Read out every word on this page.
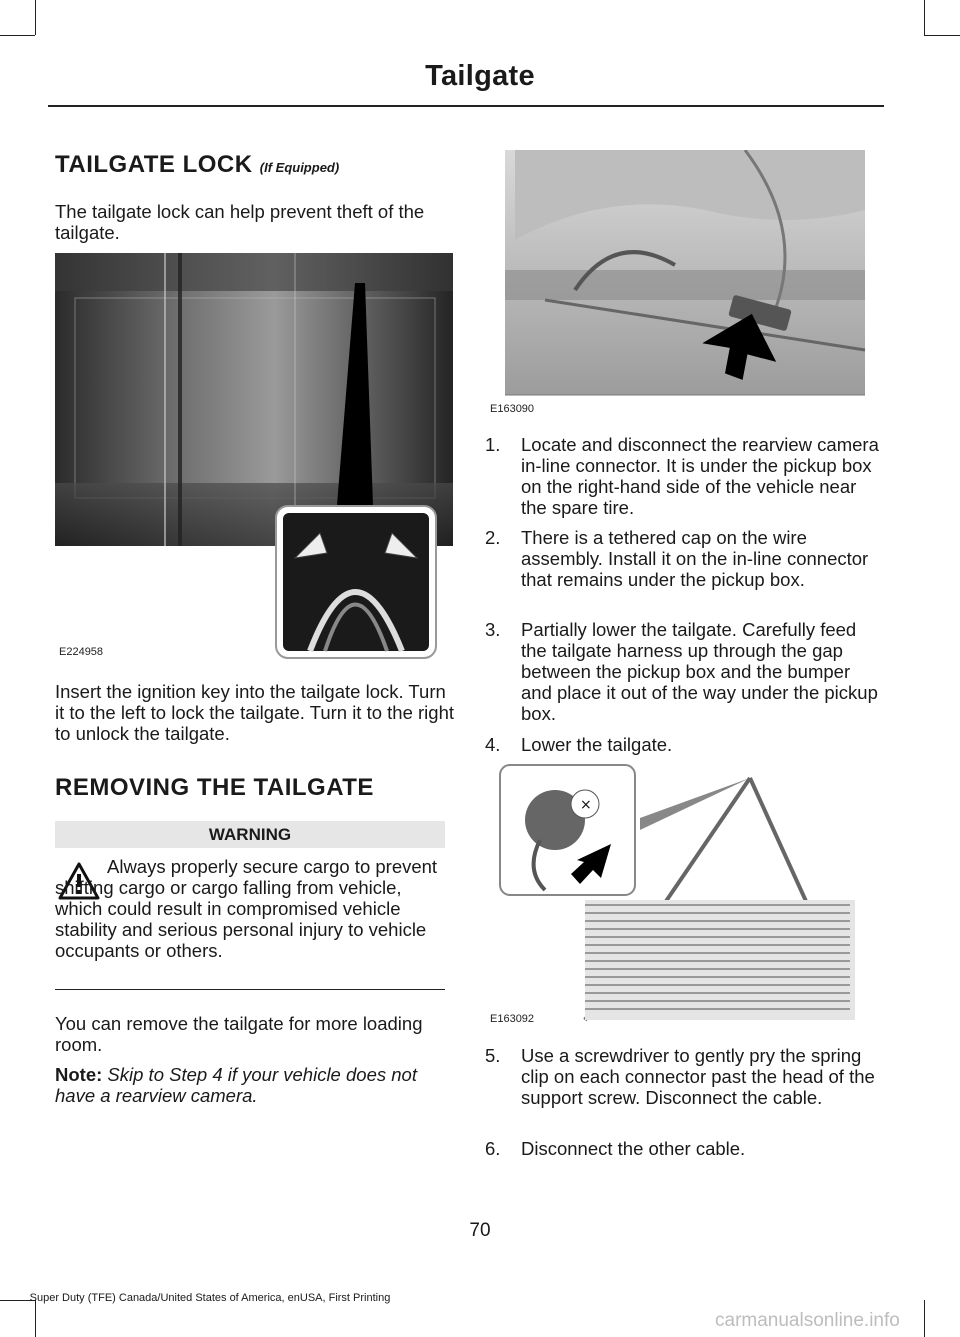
Tailgate
TAILGATE LOCK (If Equipped)

The tailgate lock can help prevent theft of the tailgate.

E224958

Insert the ignition key into the tailgate lock. Turn it to the left to lock the tailgate. Turn it to the right to unlock the tailgate.

REMOVING THE TAILGATE
WARNING

Always properly secure cargo to prevent shifting cargo or cargo falling from vehicle, which could result in compromised vehicle stability and serious personal injury to vehicle occupants or others.

You can remove the tailgate for more loading room.

Note: Skip to Step 4 if your vehicle does not have a rearview camera.

E163090
1.	Locate and disconnect the rearview camera in-line connector. It is under the pickup box on the right-hand side of the vehicle near the spare tire.
2.	There is a tethered cap on the wire assembly. Install it on the in-line connector that remains under the pickup box.
3.	Partially lower the tailgate. Carefully feed the tailgate harness up through the gap between the pickup box and the bumper and place it out of the way under the pickup box.
4.	Lower the tailgate.
×
E163092
5.	Use a screwdriver to gently pry the spring clip on each connector past the head of the support screw. Disconnect the cable.
6.	Disconnect the other cable.
70
Super Duty (TFE) Canada/United States of America, enUSA, First Printing
carmanualsonline.info
